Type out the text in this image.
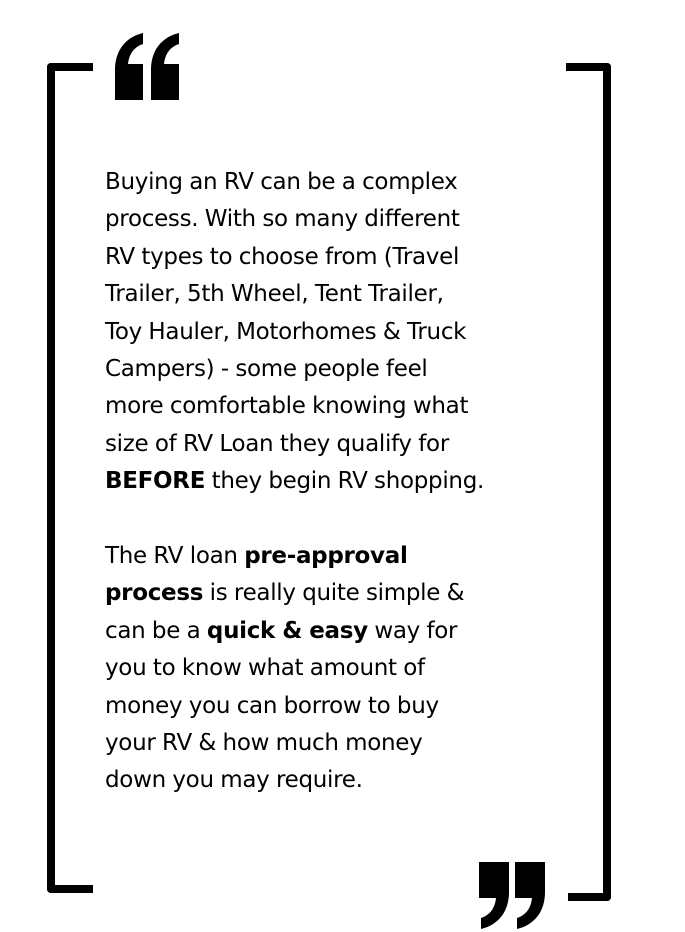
Buying an RV can be a complex
process. With so many different
RV types to choose from (Travel
Trailer, 5th Wheel, Tent Trailer,
Toy Hauler, Motorhomes & Truck
Campers) - some people feel
more comfortable knowing what
size of RV Loan they qualify for
BEFORE they begin RV shopping.

The RV loan pre-approval
process is really quite simple &
can be a quick & easy way for
you to know what amount of
money you can borrow to buy
your RV & how much money
down you may require.
